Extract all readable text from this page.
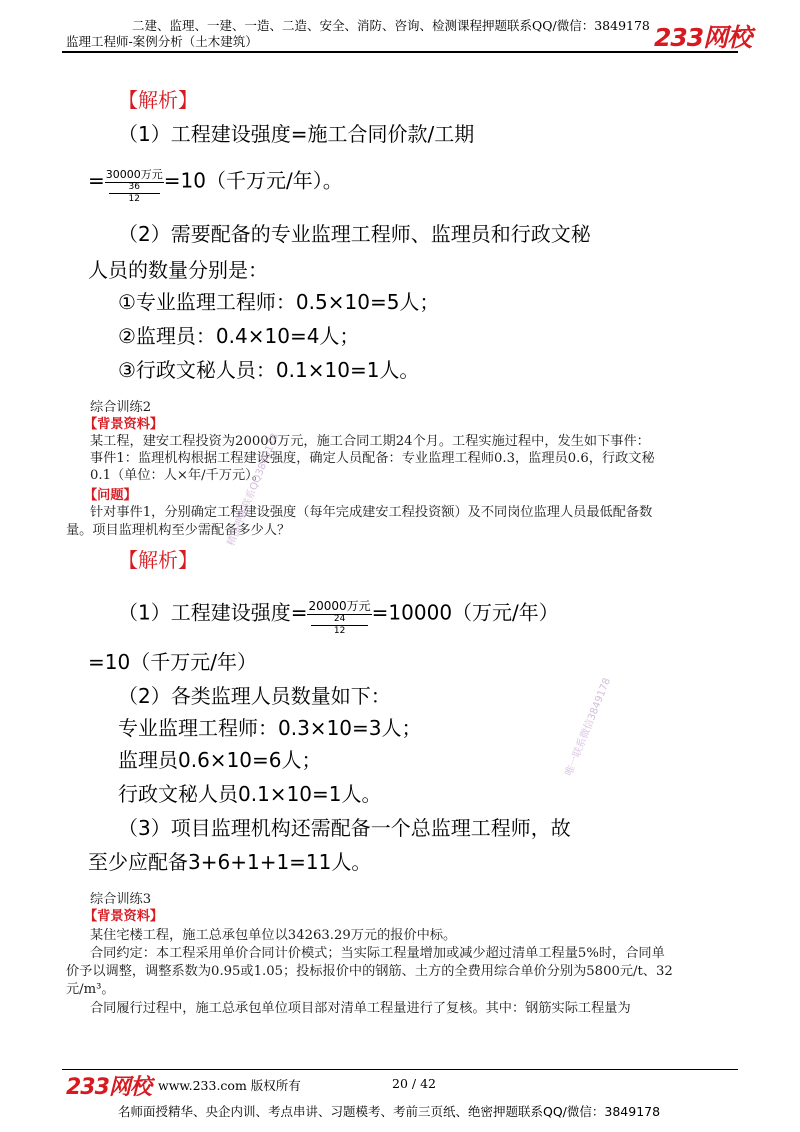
二建、监理、一建、一造、二造、安全、消防、咨询、检测课程押题联系QQ/微信：3849178
监理工程师-案例分析（土木建筑）	233网校
【解析】
（1）工程建设强度=施工合同价款/工期
= 30000万元
36
12 =10（千万元/年）。
（2）需要配备的专业监理工程师、监理员和行政文秘
人员的数量分别是：
①专业监理工程师：0.5×10=5人；
②监理员：0.4×10=4人；
③行政文秘人员：0.1×10=1人。
综合训练2
【背景资料】
某工程，建安工程投资为20000万元，施工合同工期24个月。工程实施过程中，发生如下事件：
事件1：监理机构根据工程建设强度，确定人员配备：专业监理工程师0.3，监理员0.6，行政文秘
0.1（单位：人×年/千万元）。
【问题】
针对事件1，分别确定工程建设强度（每年完成建安工程投资额）及不同岗位监理人员最低配备数
量。项目监理机构至少需配备多少人？
【解析】
（1）工程建设强度= 20000万元
24
12 =10000（万元/年）
=10（千万元/年）
（2）各类监理人员数量如下：
专业监理工程师：0.3×10=3人；
监理员0.6×10=6人；
行政文秘人员0.1×10=1人。
（3）项目监理机构还需配备一个总监理工程师，故
至少应配备3+6+1+1=11人。
综合训练3
【背景资料】
某住宅楼工程，施工总承包单位以34263.29万元的报价中标。
合同约定：本工程采用单价合同计价模式；当实际工程量增加或减少超过清单工程量5%时，合同单
价予以调整，调整系数为0.95或1.05；投标报价中的钢筋、土方的全费用综合单价分别为5800元/t、32
元/m³。
合同履行过程中，施工总承包单位项目部对清单工程量进行了复核。其中：钢筋实际工程量为
精品押题联系QQ3849178
唯一联系微信3849178
233网校 www.233.com 版权所有	20 / 42
名师面授精华、央企内训、考点串讲、习题模考、考前三页纸、绝密押题联系QQ/微信：3849178
